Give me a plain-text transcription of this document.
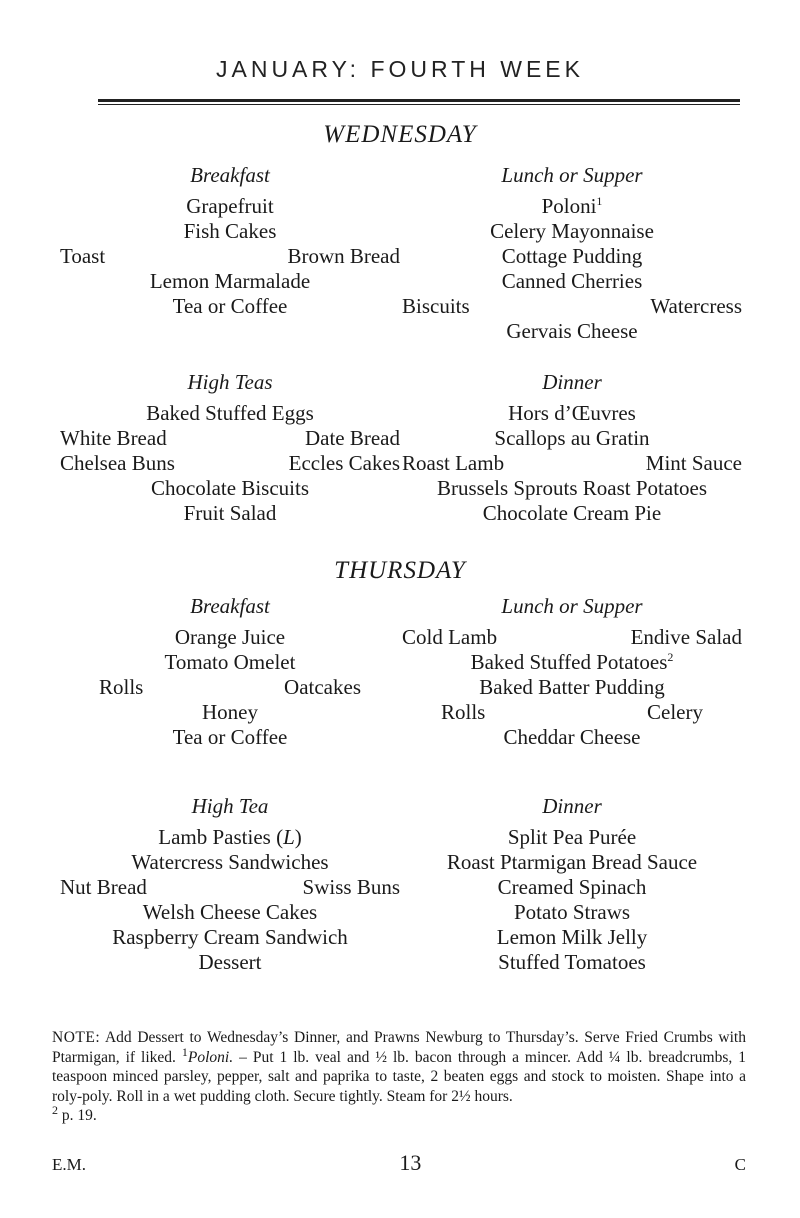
JANUARY: FOURTH WEEK
WEDNESDAY
Breakfast
Grapefruit
Fish Cakes
Toast	Brown Bread
Lemon Marmalade
Tea or Coffee
Lunch or Supper
Poloni$^1$
Celery Mayonnaise
Cottage Pudding
Canned Cherries
Biscuits	Watercress
Gervais Cheese
High Teas
Baked Stuffed Eggs
White Bread	Date Bread
Chelsea Buns	Eccles Cakes
Chocolate Biscuits
Fruit Salad
Dinner
Hors d’Œuvres
Scallops au Gratin
Roast Lamb	Mint Sauce
Brussels Sprouts Roast Potatoes
Chocolate Cream Pie
THURSDAY
Breakfast
Orange Juice
Tomato Omelet
Rolls	Oatcakes
Honey
Tea or Coffee
Lunch or Supper
Cold Lamb	Endive Salad
Baked Stuffed Potatoes$^2$
Baked Batter Pudding
Rolls	Celery
Cheddar Cheese
High Tea
Lamb Pasties (L)
Watercress Sandwiches
Nut Bread	Swiss Buns
Welsh Cheese Cakes
Raspberry Cream Sandwich
Dessert
Dinner
Split Pea Purée
Roast Ptarmigan Bread Sauce
Creamed Spinach
Potato Straws
Lemon Milk Jelly
Stuffed Tomatoes
NOTE: Add Dessert to Wednesday’s Dinner, and Prawns Newburg to Thursday’s. Serve Fried Crumbs with Ptarmigan, if liked. $^1$Poloni. – Put 1 lb. veal and ½ lb. bacon through a mincer. Add ¼ lb. breadcrumbs, 1 teaspoon minced parsley, pepper, salt and paprika to taste, 2 beaten eggs and stock to moisten. Shape into a roly-poly. Roll in a wet pudding cloth. Secure tightly. Steam for 2½ hours.
$^2$ p. 19.
E.M.	13	C
